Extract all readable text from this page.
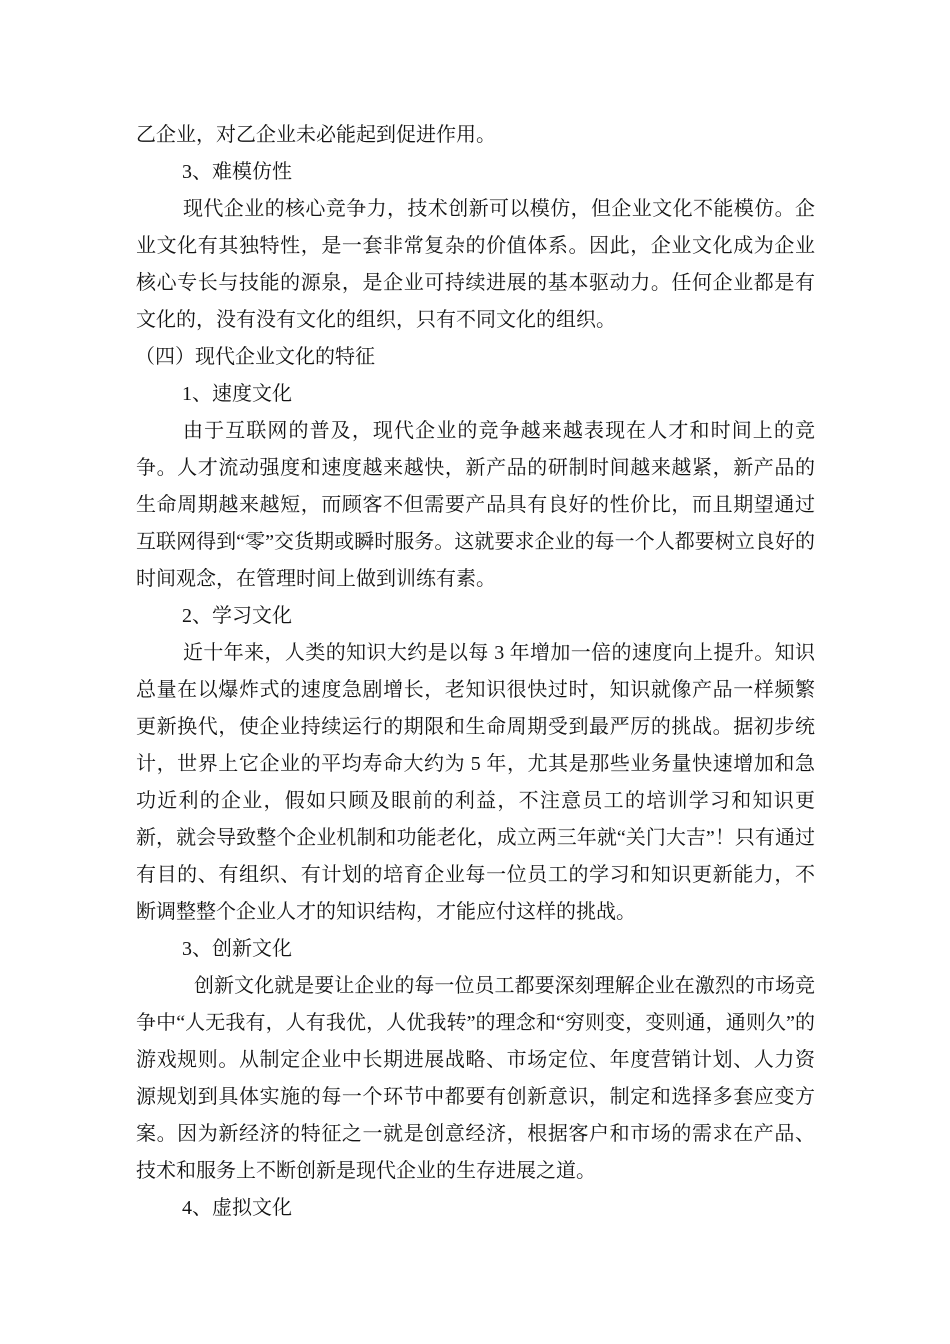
乙企业，对乙企业未必能起到促进作用。

3、难模仿性

现代企业的核心竞争力，技术创新可以模仿，但企业文化不能模仿。企业文化有其独特性，是一套非常复杂的价值体系。因此，企业文化成为企业核心专长与技能的源泉，是企业可持续进展的基本驱动力。任何企业都是有文化的，没有没有文化的组织，只有不同文化的组织。

（四）现代企业文化的特征

1、速度文化

由于互联网的普及，现代企业的竞争越来越表现在人才和时间上的竞争。人才流动强度和速度越来越快，新产品的研制时间越来越紧，新产品的生命周期越来越短，而顾客不但需要产品具有良好的性价比，而且期望通过互联网得到“零”交货期或瞬时服务。这就要求企业的每一个人都要树立良好的时间观念，在管理时间上做到训练有素。

2、学习文化

近十年来，人类的知识大约是以每 3 年增加一倍的速度向上提升。知识总量在以爆炸式的速度急剧增长，老知识很快过时，知识就像产品一样频繁更新换代，使企业持续运行的期限和生命周期受到最严厉的挑战。据初步统计，世界上它企业的平均寿命大约为 5 年，尤其是那些业务量快速增加和急功近利的企业，假如只顾及眼前的利益，不注意员工的培训学习和知识更新，就会导致整个企业机制和功能老化，成立两三年就“关门大吉”！只有通过有目的、有组织、有计划的培育企业每一位员工的学习和知识更新能力，不断调整整个企业人才的知识结构，才能应付这样的挑战。

3、创新文化

创新文化就是要让企业的每一位员工都要深刻理解企业在激烈的市场竞争中“人无我有，人有我优，人优我转”的理念和“穷则变，变则通，通则久”的游戏规则。从制定企业中长期进展战略、市场定位、年度营销计划、人力资源规划到具体实施的每一个环节中都要有创新意识，制定和选择多套应变方案。因为新经济的特征之一就是创意经济，根据客户和市场的需求在产品、技术和服务上不断创新是现代企业的生存进展之道。

4、虚拟文化
